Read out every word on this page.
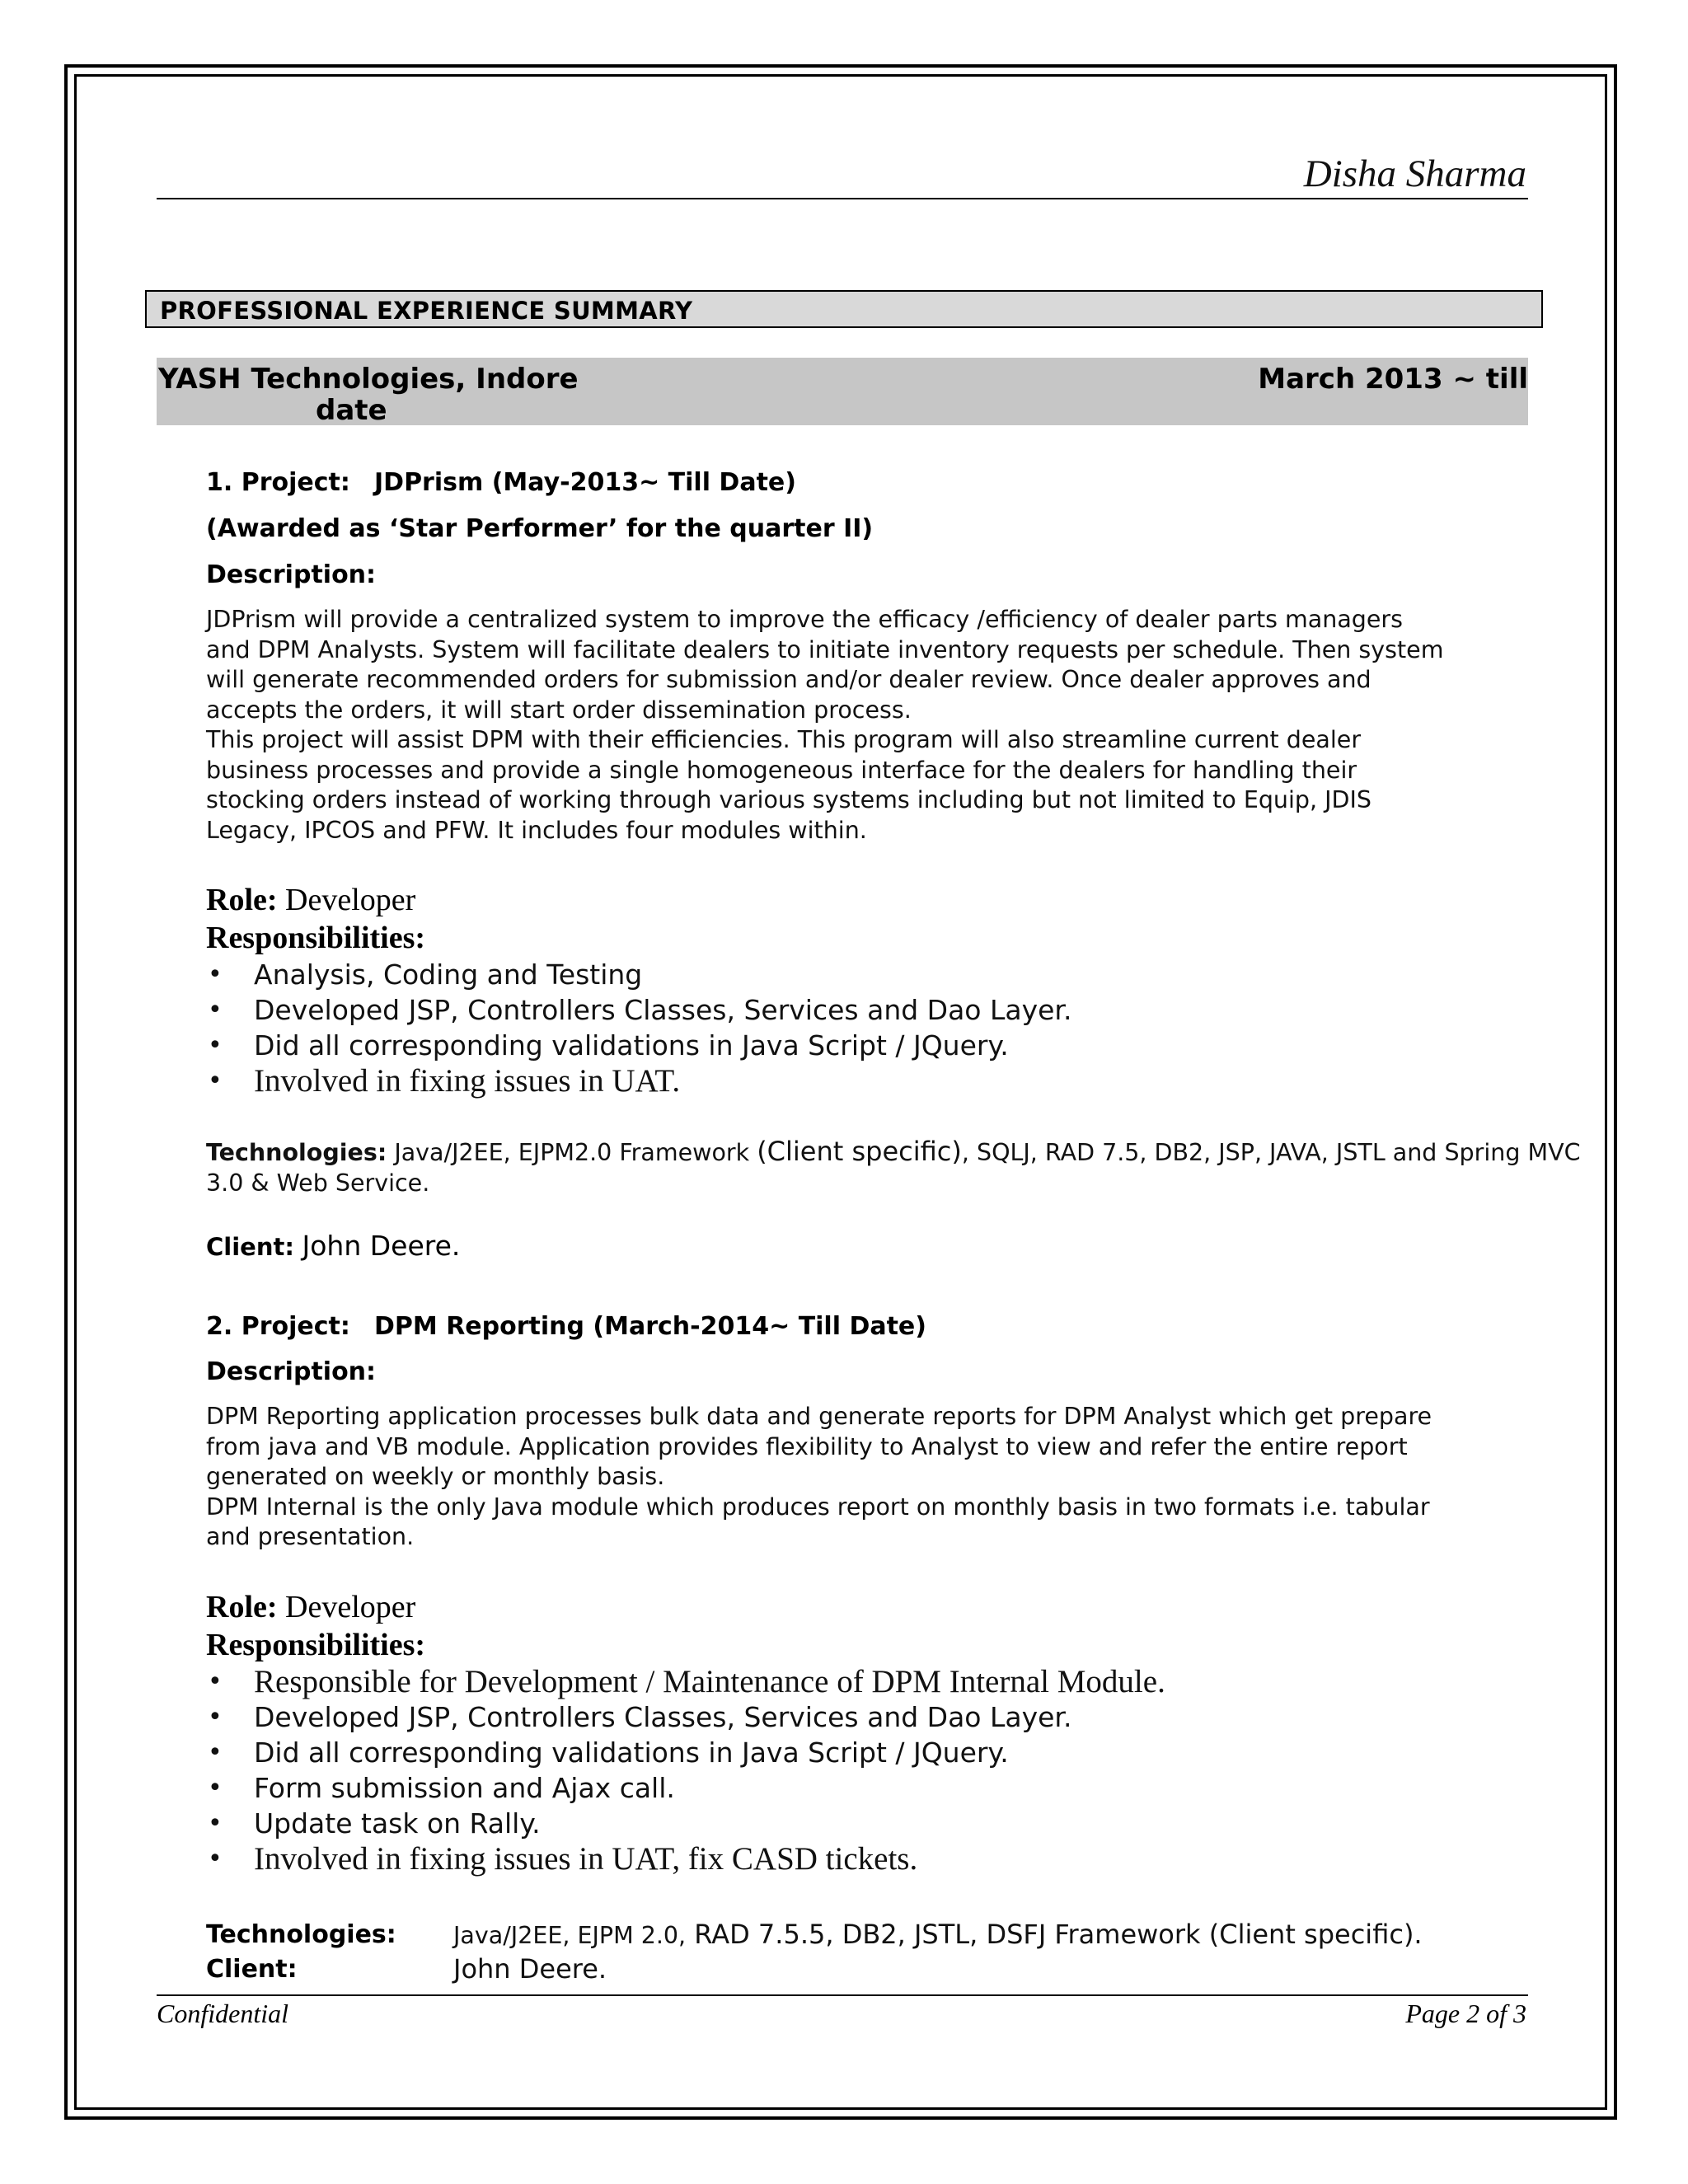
Disha Sharma
PROFESSIONAL EXPERIENCE SUMMARY
YASH Technologies, Indore	March 2013 ~ till
date
1. Project: JDPrism (May-2013~ Till Date)
(Awarded as ‘Star Performer’ for the quarter II)
Description:

JDPrism will provide a centralized system to improve the efficacy /efficiency of dealer parts managers

and DPM Analysts. System will facilitate dealers to initiate inventory requests per schedule. Then system

will generate recommended orders for submission and/or dealer review. Once dealer approves and

accepts the orders, it will start order dissemination process.

This project will assist DPM with their efficiencies. This program will also streamline current dealer

business processes and provide a single homogeneous interface for the dealers for handling their

stocking orders instead of working through various systems including but not limited to Equip, JDIS

Legacy, IPCOS and PFW. It includes four modules within.

Role: Developer
Responsibilities:
• Analysis, Coding and Testing
• Developed JSP, Controllers Classes, Services and Dao Layer.
• Did all corresponding validations in Java Script / JQuery.
• Involved in fixing issues in UAT.
Technologies: Java/J2EE, EJPM2.0 Framework (Client specific), SQLJ, RAD 7.5, DB2, JSP, JAVA, JSTL and Spring MVC 3.0 & Web Service.
Client: John Deere.
2. Project: DPM Reporting (March-2014~ Till Date)
Description:

DPM Reporting application processes bulk data and generate reports for DPM Analyst which get prepare

from java and VB module. Application provides flexibility to Analyst to view and refer the entire report

generated on weekly or monthly basis.

DPM Internal is the only Java module which produces report on monthly basis in two formats i.e. tabular

and presentation.

Role: Developer
Responsibilities:
• Responsible for Development / Maintenance of DPM Internal Module.
• Developed JSP, Controllers Classes, Services and Dao Layer.
• Did all corresponding validations in Java Script / JQuery.
• Form submission and Ajax call.
• Update task on Rally.
• Involved in fixing issues in UAT, fix CASD tickets.
Technologies: Java/J2EE, EJPM 2.0, RAD 7.5.5, DB2, JSTL, DSFJ Framework (Client specific).
Client:	John Deere.
Confidential	Page 2 of 3
